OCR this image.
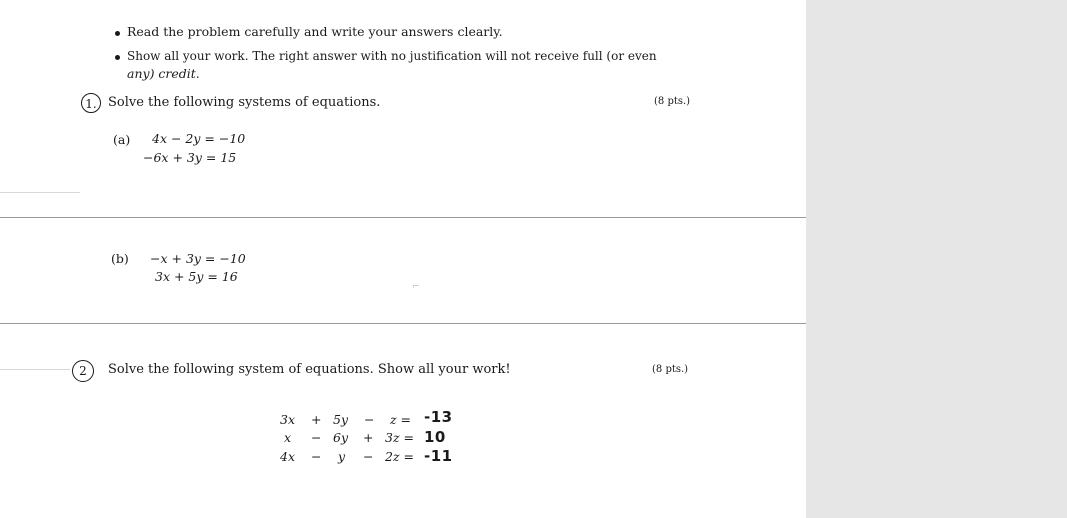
Read the problem carefully and write your answers clearly.
Show all your work. The right answer with no justification will not receive full (or even
any) credit.
1. Solve the following systems of equations.	(8 pts.)
(a) 4x − 2y = −10
−6x + 3y = 15
(b) −x + 3y = −10
3x + 5y = 16
⌐
2	Solve the following system of equations. Show all your work!	(8 pts.)
3x + 5y − z = -13
x − 6y + 3z = 10
4x − y − 2z = -11
